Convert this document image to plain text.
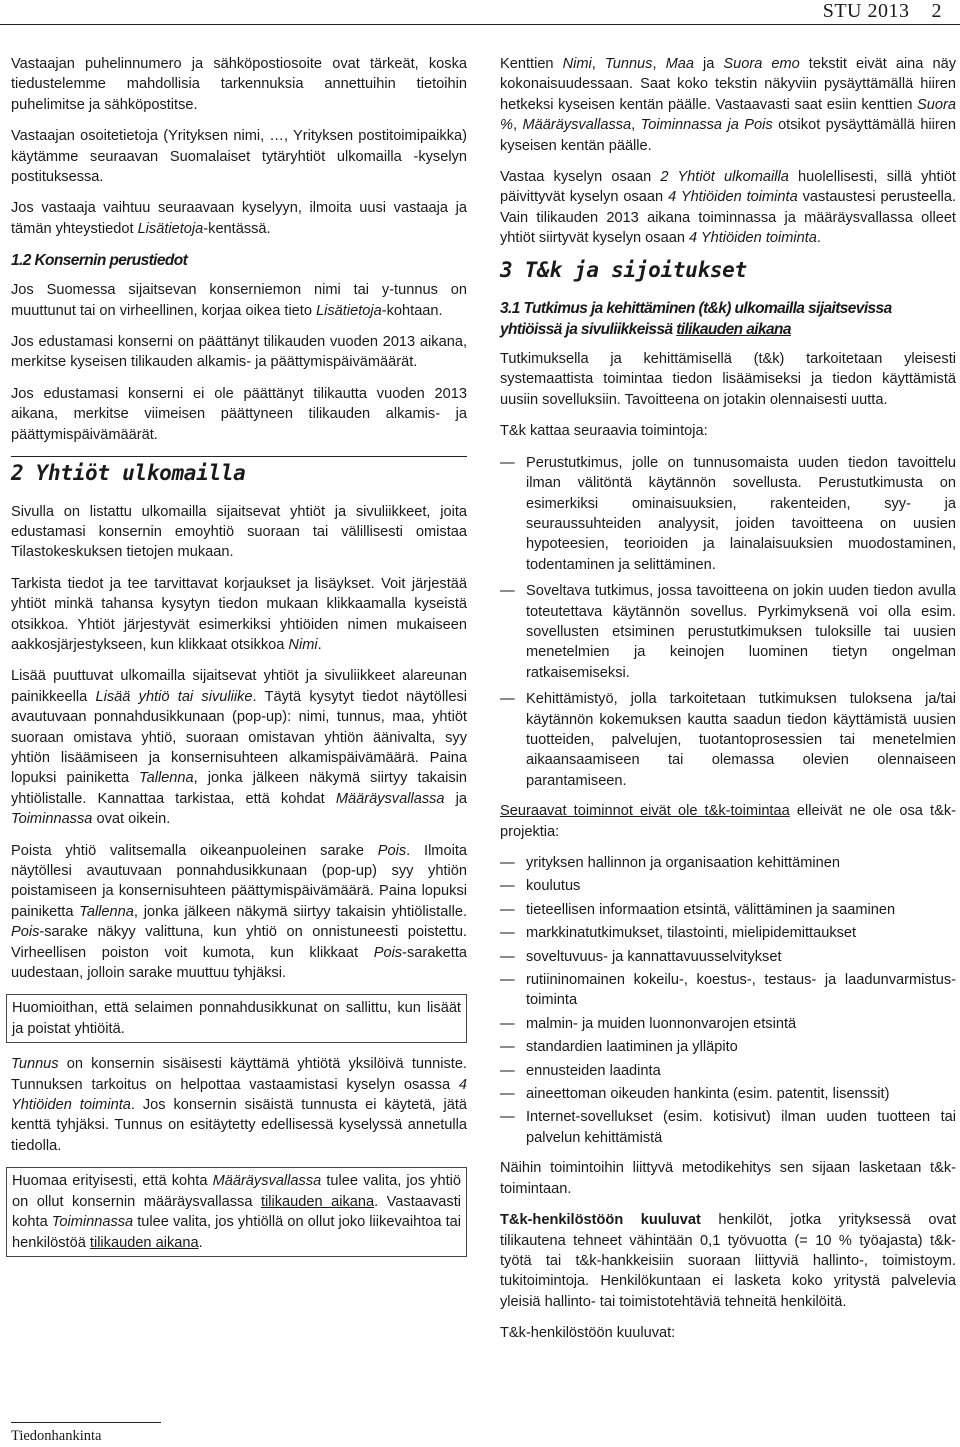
STU 2013 2

Vastaajan puhelinnumero ja sähköpostiosoite ovat tärkeät, koska tiedustelemme mahdollisia tarkennuksia annettuihin tietoihin puhelimitse ja sähköpostitse.

Vastaajan osoitetietoja (Yrityksen nimi, …, Yrityksen postitoimipaikka) käytämme seuraavan Suomalaiset tytäryhtiöt ulkomailla -kyselyn postituksessa.

Jos vastaaja vaihtuu seuraavaan kyselyyn, ilmoita uusi vastaaja ja tämän yhteystiedot Lisätietoja-kentässä.

1.2 Konsernin perustiedot

Jos Suomessa sijaitsevan konserniemon nimi tai y-tunnus on muuttunut tai on virheellinen, korjaa oikea tieto Lisätietoja-kohtaan.

Jos edustamasi konserni on päättänyt tilikauden vuoden 2013 aikana, merkitse kyseisen tilikauden alkamis- ja päättymispäivämäärät.

Jos edustamasi konserni ei ole päättänyt tilikautta vuoden 2013 aikana, merkitse viimeisen päättyneen tilikauden alkamis- ja päättymispäivämäärät.

2 Yhtiöt ulkomailla

Sivulla on listattu ulkomailla sijaitsevat yhtiöt ja sivuliikkeet, joita edustamasi konsernin emoyhtiö suoraan tai välillisesti omistaa Tilastokeskuksen tietojen mukaan.

Tarkista tiedot ja tee tarvittavat korjaukset ja lisäykset. Voit järjestää yhtiöt minkä tahansa kysytyn tiedon mukaan klikkaamalla kyseistä otsikkoa. Yhtiöt järjestyvät esimerkiksi yhtiöiden nimen mukaiseen aakkosjärjestykseen, kun klikkaat otsikkoa Nimi.

Lisää puuttuvat ulkomailla sijaitsevat yhtiöt ja sivuliikkeet alareunan painikkeella Lisää yhtiö tai sivuliike. Täytä kysytyt tiedot näytöllesi avautuvaan ponnahdusikkunaan (pop-up): nimi, tunnus, maa, yhtiöt suoraan omistava yhtiö, suoraan omistavan yhtiön äänivalta, syy yhtiön lisäämiseen ja konsernisuhteen alkamispäivämäärä. Paina lopuksi painiketta Tallenna, jonka jälkeen näkymä siirtyy takaisin yhtiölistalle. Kannattaa tarkistaa, että kohdat Määräysvallassa ja Toiminnassa ovat oikein.

Poista yhtiö valitsemalla oikeanpuoleinen sarake Pois. Ilmoita näytöllesi avautuvaan ponnahdusikkunaan (pop-up) syy yhtiön poistamiseen ja konsernisuhteen päättymispäivämäärä. Paina lopuksi painiketta Tallenna, jonka jälkeen näkymä siirtyy takaisin yhtiölistalle. Pois-sarake näkyy valittuna, kun yhtiö on onnistuneesti poistettu. Virheellisen poiston voit kumota, kun klikkaat Pois-saraketta uudestaan, jolloin sarake muuttuu tyhjäksi.

Huomioithan, että selaimen ponnahdusikkunat on sallittu, kun lisäät ja poistat yhtiöitä.

Tunnus on konsernin sisäisesti käyttämä yhtiötä yksilöivä tunniste. Tunnuksen tarkoitus on helpottaa vastaamistasi kyselyn osassa 4 Yhtiöiden toiminta. Jos konsernin sisäistä tunnusta ei käytetä, jätä kenttä tyhjäksi. Tunnus on esitäytetty edellisessä kyselyssä annetulla tiedolla.

Huomaa erityisesti, että kohta Määräysvallassa tulee valita, jos yhtiö on ollut konsernin määräysvallassa tilikauden aikana. Vastaavasti kohta Toiminnassa tulee valita, jos yhtiöllä on ollut joko liikevaihtoa tai henkilöstöä tilikauden aikana.

Kenttien Nimi, Tunnus, Maa ja Suora emo tekstit eivät aina näy kokonaisuudessaan. Saat koko tekstin näkyviin pysäyttämällä hiiren hetkeksi kyseisen kentän päälle. Vastaavasti saat esiin kenttien Suora %, Määräysvallassa, Toiminnassa ja Pois otsikot pysäyttämällä hiiren kyseisen kentän päälle.

Vastaa kyselyn osaan 2 Yhtiöt ulkomailla huolellisesti, sillä yhtiöt päivittyvät kyselyn osaan 4 Yhtiöiden toiminta vastaustesi perusteella. Vain tilikauden 2013 aikana toiminnassa ja määräysvallassa olleet yhtiöt siirtyvät kyselyn osaan 4 Yhtiöiden toiminta.

3 T&k ja sijoitukset
3.1 Tutkimus ja kehittäminen (t&k) ulkomailla sijaitsevissa yhtiöissä ja sivuliikkeissä tilikauden aikana

Tutkimuksella ja kehittämisellä (t&k) tarkoitetaan yleisesti systemaattista toimintaa tiedon lisäämiseksi ja tiedon käyttämistä uusiin sovelluksiin. Tavoitteena on jotakin olennaisesti uutta.

T&k kattaa seuraavia toimintoja:

— Perustutkimus, jolle on tunnusomaista uuden tiedon tavoittelu ilman välitöntä käytännön sovellusta. Perustutkimusta on esimerkiksi ominaisuuksien, rakenteiden, syy- ja seuraussuhteiden analyysit, joiden tavoitteena on uusien hypoteesien, teorioiden ja lainalaisuuksien muodostaminen, todentaminen ja selittäminen.
— Soveltava tutkimus, jossa tavoitteena on jokin uuden tiedon avulla toteutettava käytännön sovellus. Pyrkimyksenä voi olla esim. sovellusten etsiminen perustutkimuksen tuloksille tai uusien menetelmien ja keinojen luominen tietyn ongelman ratkaisemiseksi.
— Kehittämistyö, jolla tarkoitetaan tutkimuksen tuloksena ja/tai käytännön kokemuksen kautta saadun tiedon käyttämistä uusien tuotteiden, palvelujen, tuotantoprosessien tai menetelmien aikaansaamiseen tai olemassa olevien olennaiseen parantamiseen.

Seuraavat toiminnot eivät ole t&k-toimintaa elleivät ne ole osa t&k-projektia:

— yrityksen hallinnon ja organisaation kehittäminen
— koulutus
— tieteellisen informaation etsintä, välittäminen ja saaminen
— markkinatutkimukset, tilastointi, mielipidemittaukset
— soveltuvuus- ja kannattavuusselvitykset
— rutiininomainen kokeilu-, koestus-, testaus- ja laadunvarmistus-toiminta
— malmin- ja muiden luonnonvarojen etsintä
— standardien laatiminen ja ylläpito
— ennusteiden laadinta
— aineettoman oikeuden hankinta (esim. patentit, lisenssit)
— Internet-sovellukset (esim. kotisivut) ilman uuden tuotteen tai palvelun kehittämistä

Näihin toimintoihin liittyvä metodikehitys sen sijaan lasketaan t&k-toimintaan.

T&k-henkilöstöön kuuluvat henkilöt, jotka yrityksessä ovat tilikautena tehneet vähintään 0,1 työvuotta (= 10 % työajasta) t&k-työtä tai t&k-hankkeisiin suoraan liittyviä hallinto-, toimistoym. tukitoimintoja. Henkilökuntaan ei lasketa koko yritystä palvelevia yleisiä hallinto- tai toimistotehtäviä tehneitä henkilöitä.

T&k-henkilöstöön kuuluvat:

Tiedonhankinta
